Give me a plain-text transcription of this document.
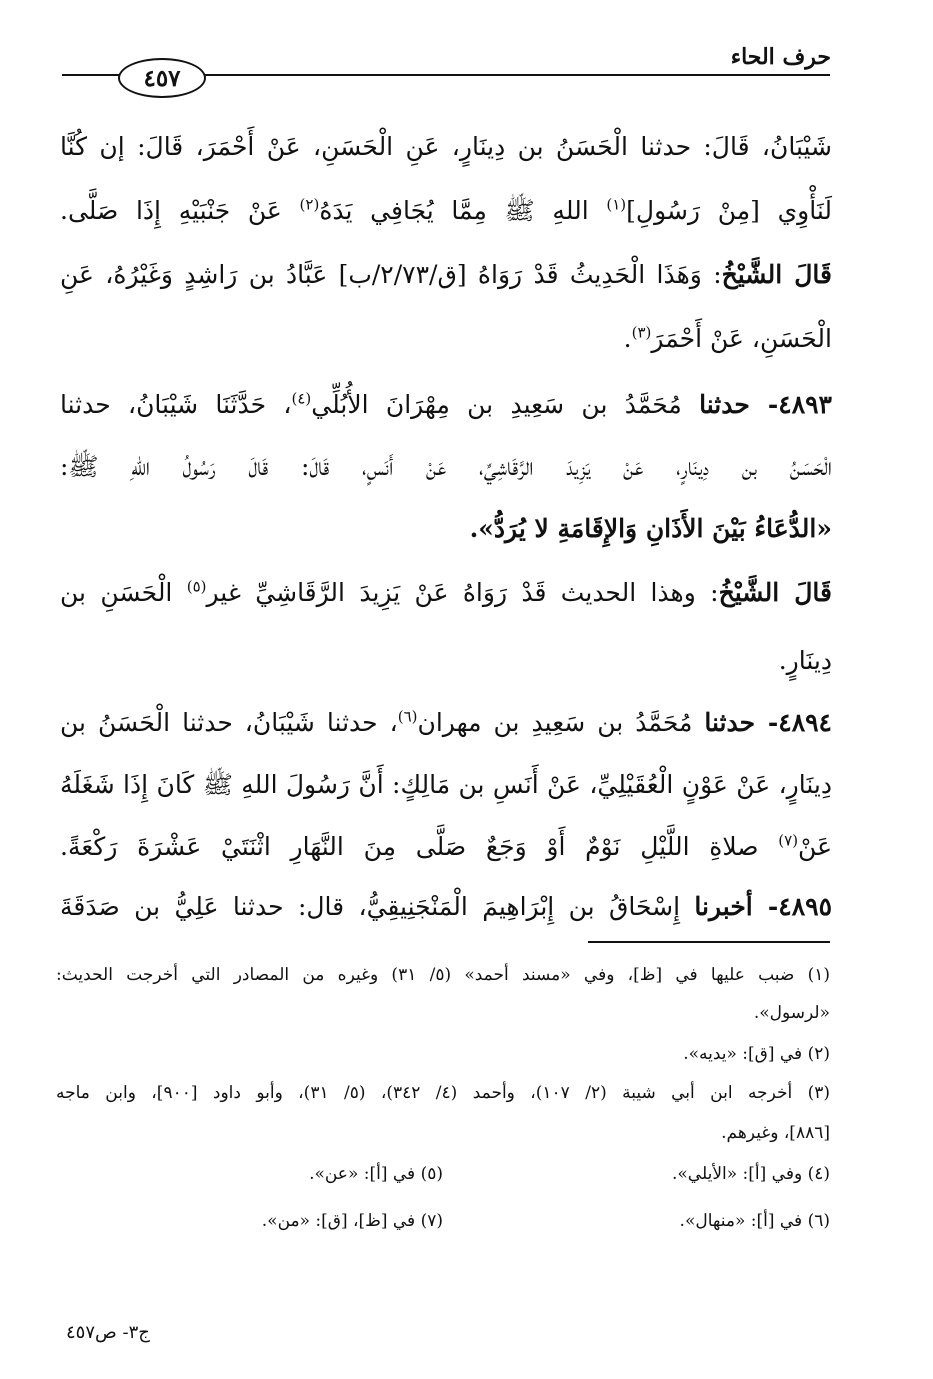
حرف الحاء
٤٥٧
شَيْبَانُ، قَالَ: حدثنا الْحَسَنُ بن دِينَارٍ، عَنِ الْحَسَنِ، عَنْ أَحْمَرَ، قَالَ: إن كُنَّا
لَنَأْوِي [مِنْ رَسُولِ]$^{(١)}$ اللهِ ﷺ مِمَّا يُجَافِي يَدَهُ$^{(٢)}$ عَنْ جَنْبَيْهِ إِذَا صَلَّى.
قَالَ الشَّيْخُ: وَهَذَا الْحَدِيثُ قَدْ رَوَاهُ [ق/٢/٧٣/ب] عَبَّادُ بن رَاشِدٍ وَغَيْرُهُ، عَنِ
الْحَسَنِ، عَنْ أَحْمَرَ$^{(٣)}$.
٤٨٩٣- حدثنا مُحَمَّدُ بن سَعِيدِ بن مِهْرَانَ الأُبُلِّي$^{(٤)}$، حَدَّثَنَا شَيْبَانُ، حدثنا
الْحَسَنُ بن دِينَارٍ، عَنْ يَزِيدَ الرَّقَاشِيِّ، عَنْ أَنَسٍ، قَالَ: قَالَ رَسُولُ اللهِ ﷺ:
«الدُّعَاءُ بَيْنَ الأَذَانِ وَالإِقَامَةِ لا يُرَدُّ».
قَالَ الشَّيْخُ: وهذا الحديث قَدْ رَوَاهُ عَنْ يَزِيدَ الرَّقَاشِيِّ غير$^{(٥)}$ الْحَسَنِ بن
دِينَارٍ.
٤٨٩٤- حدثنا مُحَمَّدُ بن سَعِيدِ بن مهران$^{(٦)}$، حدثنا شَيْبَانُ، حدثنا الْحَسَنُ بن
دِينَارٍ، عَنْ عَوْنٍ الْعُقَيْلِيِّ، عَنْ أَنَسِ بن مَالِكٍ: أَنَّ رَسُولَ اللهِ ﷺ كَانَ إِذَا شَغَلَهُ
عَنْ$^{(٧)}$ صلاةِ اللَّيْلِ نَوْمٌ أَوْ وَجَعٌ صَلَّى مِنَ النَّهَارِ اثْنَتَيْ عَشْرَةَ رَكْعَةً.
٤٨٩٥- أخبرنا إِسْحَاقُ بن إِبْرَاهِيمَ الْمَنْجَنِيقِيُّ، قال: حدثنا عَلِيُّ بن صَدَقَةَ
(١) ضبب عليها في [ظ]، وفي «مسند أحمد» (٥/ ٣١) وغيره من المصادر التي أخرجت الحديث:
«لرسول».
(٢) في [ق]: «يديه».
(٣) أخرجه ابن أبي شيبة (٢/ ١٠٧)، وأحمد (٤/ ٣٤٢)، (٥/ ٣١)، وأبو داود [٩٠٠]، وابن ماجه
[٨٨٦]، وغيرهم.
(٤) وفي [أ]: «الأيلي».
(٥) في [أ]: «عن».
(٦) في [أ]: «منهال».
(٧) في [ظ]، [ق]: «من».
ج٣- ص٤٥٧
